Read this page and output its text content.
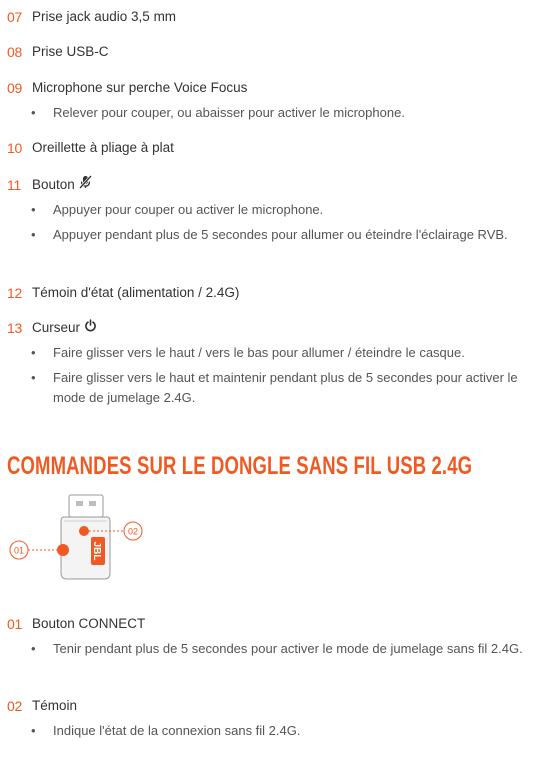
07 Prise jack audio 3,5 mm
08 Prise USB-C
09 Microphone sur perche Voice Focus
• Relever pour couper, ou abaisser pour activer le microphone.
10 Oreillette à pliage à plat
11 Bouton
• Appuyer pour couper ou activer le microphone.
• Appuyer pendant plus de 5 secondes pour allumer ou éteindre l'éclairage RVB.
12 Témoin d'état (alimentation / 2.4G)
13 Curseur
• Faire glisser vers le haut / vers le bas pour allumer / éteindre le casque.
• Faire glisser vers le haut et maintenir pendant plus de 5 secondes pour activer le mode de jumelage 2.4G.
COMMANDES SUR LE DONGLE SANS FIL USB 2.4G
JBL
01
02
01 Bouton CONNECT
• Tenir pendant plus de 5 secondes pour activer le mode de jumelage sans fil 2.4G.
02 Témoin
• Indique l'état de la connexion sans fil 2.4G.
